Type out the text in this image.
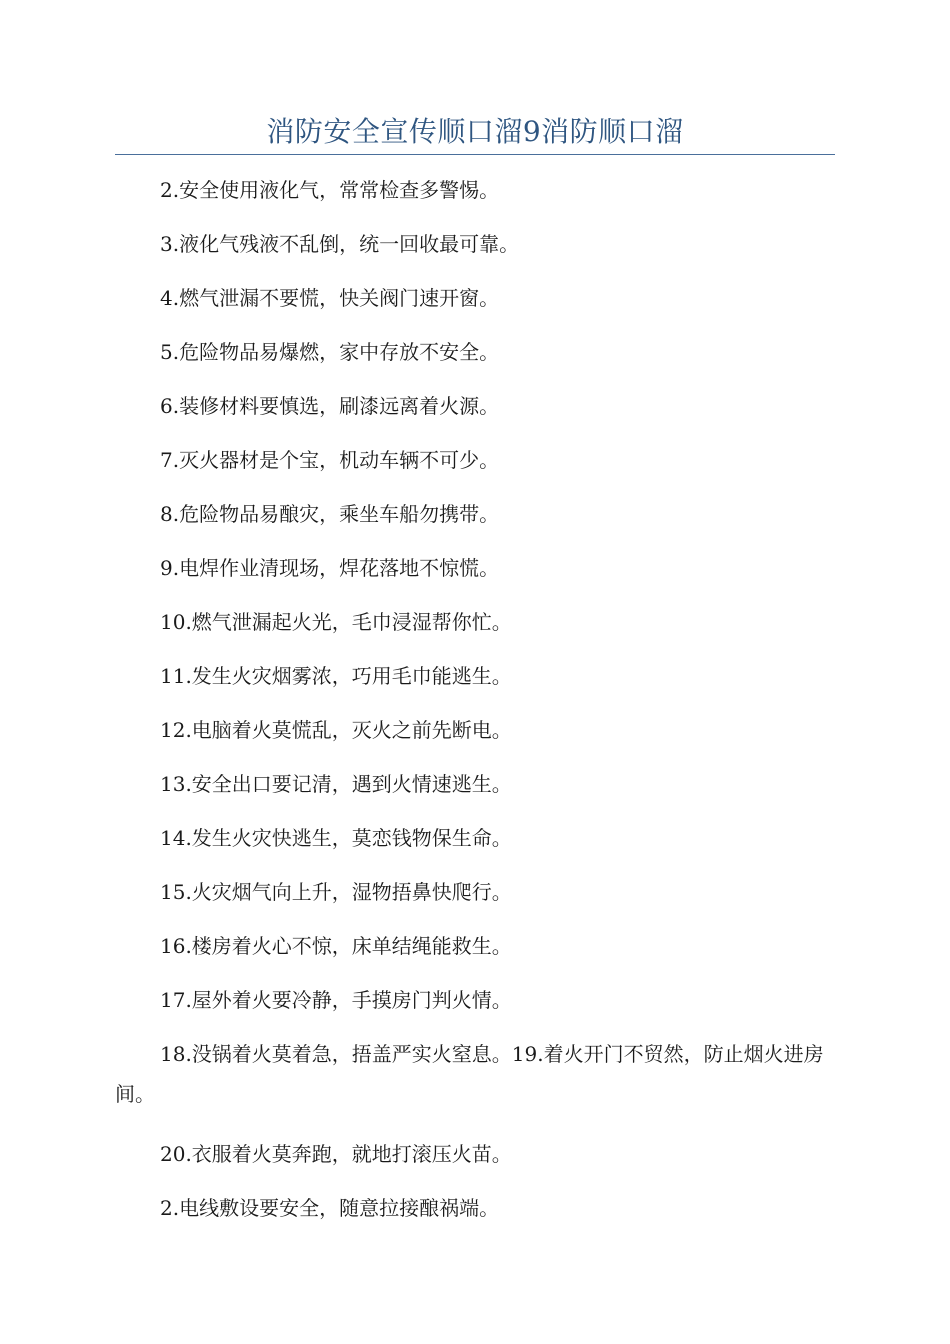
消防安全宣传顺口溜9消防顺口溜

2.安全使用液化气，常常检查多警惕。

3.液化气残液不乱倒，统一回收最可靠。

4.燃气泄漏不要慌，快关阀门速开窗。

5.危险物品易爆燃，家中存放不安全。

6.装修材料要慎选，刷漆远离着火源。

7.灭火器材是个宝，机动车辆不可少。

8.危险物品易酿灾，乘坐车船勿携带。

9.电焊作业清现场，焊花落地不惊慌。

10.燃气泄漏起火光，毛巾浸湿帮你忙。

11.发生火灾烟雾浓，巧用毛巾能逃生。

12.电脑着火莫慌乱，灭火之前先断电。

13.安全出口要记清，遇到火情速逃生。

14.发生火灾快逃生，莫恋钱物保生命。

15.火灾烟气向上升，湿物捂鼻快爬行。

16.楼房着火心不惊，床单结绳能救生。

17.屋外着火要冷静，手摸房门判火情。

18.没锅着火莫着急，捂盖严实火窒息。19.着火开门不贸然，防止烟火进房间。

20.衣服着火莫奔跑，就地打滚压火苗。

2.电线敷设要安全，随意拉接酿祸端。
